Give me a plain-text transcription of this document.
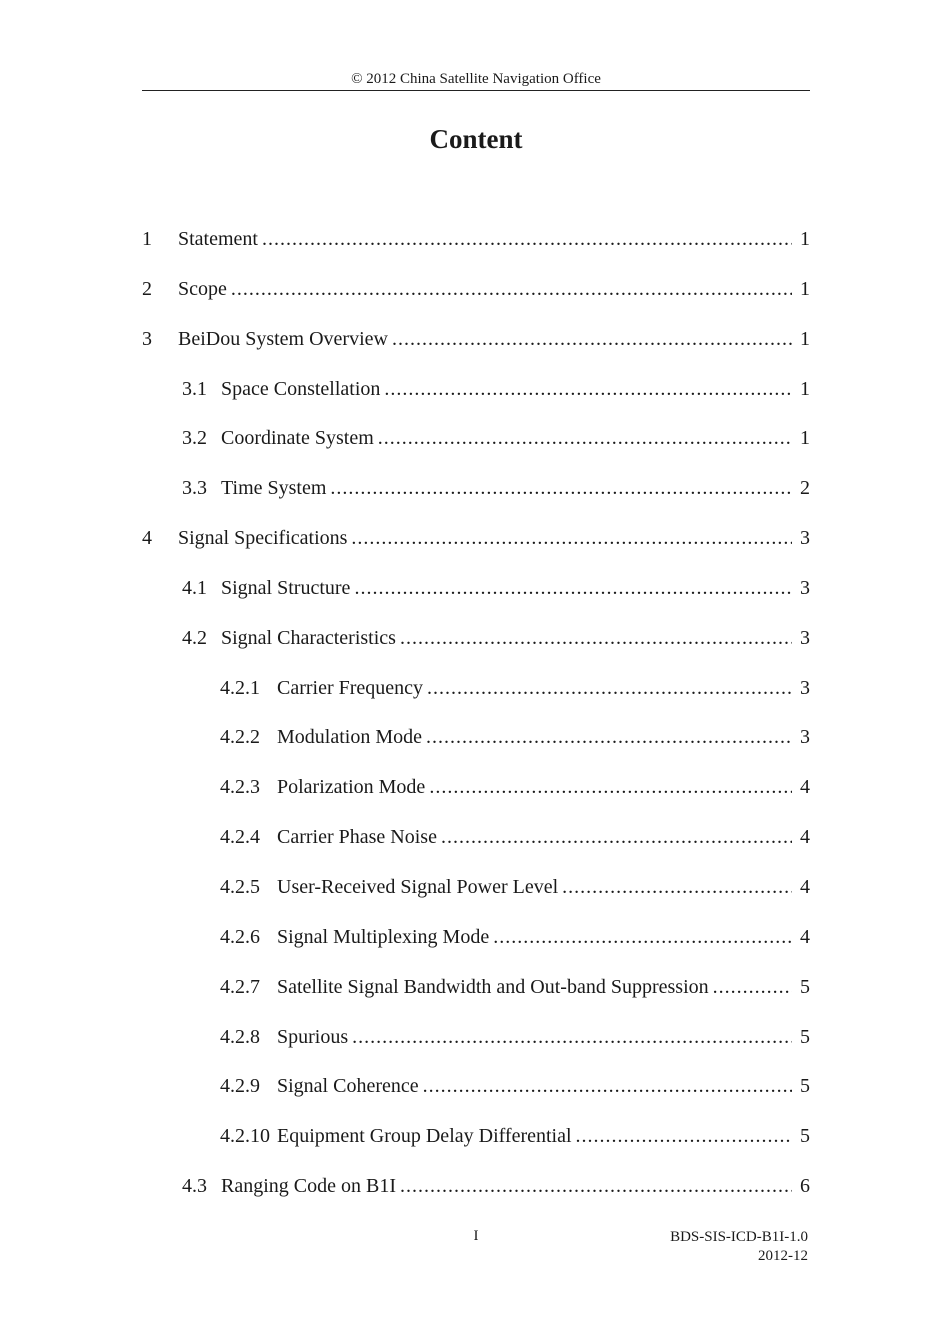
© 2012 China Satellite Navigation Office
Content
1	Statement .....	1
2	Scope .....	1
3	BeiDou System Overview .....	1
3.1 Space Constellation .....	1
3.2 Coordinate System .....	1
3.3 Time System .....	2
4	Signal Specifications .....	3
4.1 Signal Structure .....	3
4.2 Signal Characteristics .....	3
4.2.1 Carrier Frequency .....	3
4.2.2 Modulation Mode .....	3
4.2.3 Polarization Mode .....	4
4.2.4 Carrier Phase Noise .....	4
4.2.5 User-Received Signal Power Level .....	4
4.2.6 Signal Multiplexing Mode .....	4
4.2.7 Satellite Signal Bandwidth and Out-band Suppression .....	5
4.2.8 Spurious .....	5
4.2.9 Signal Coherence .....	5
4.2.10 Equipment Group Delay Differential .....	5
4.3 Ranging Code on B1I .....	6
I	BDS-SIS-ICD-B1I-1.0
2012-12
